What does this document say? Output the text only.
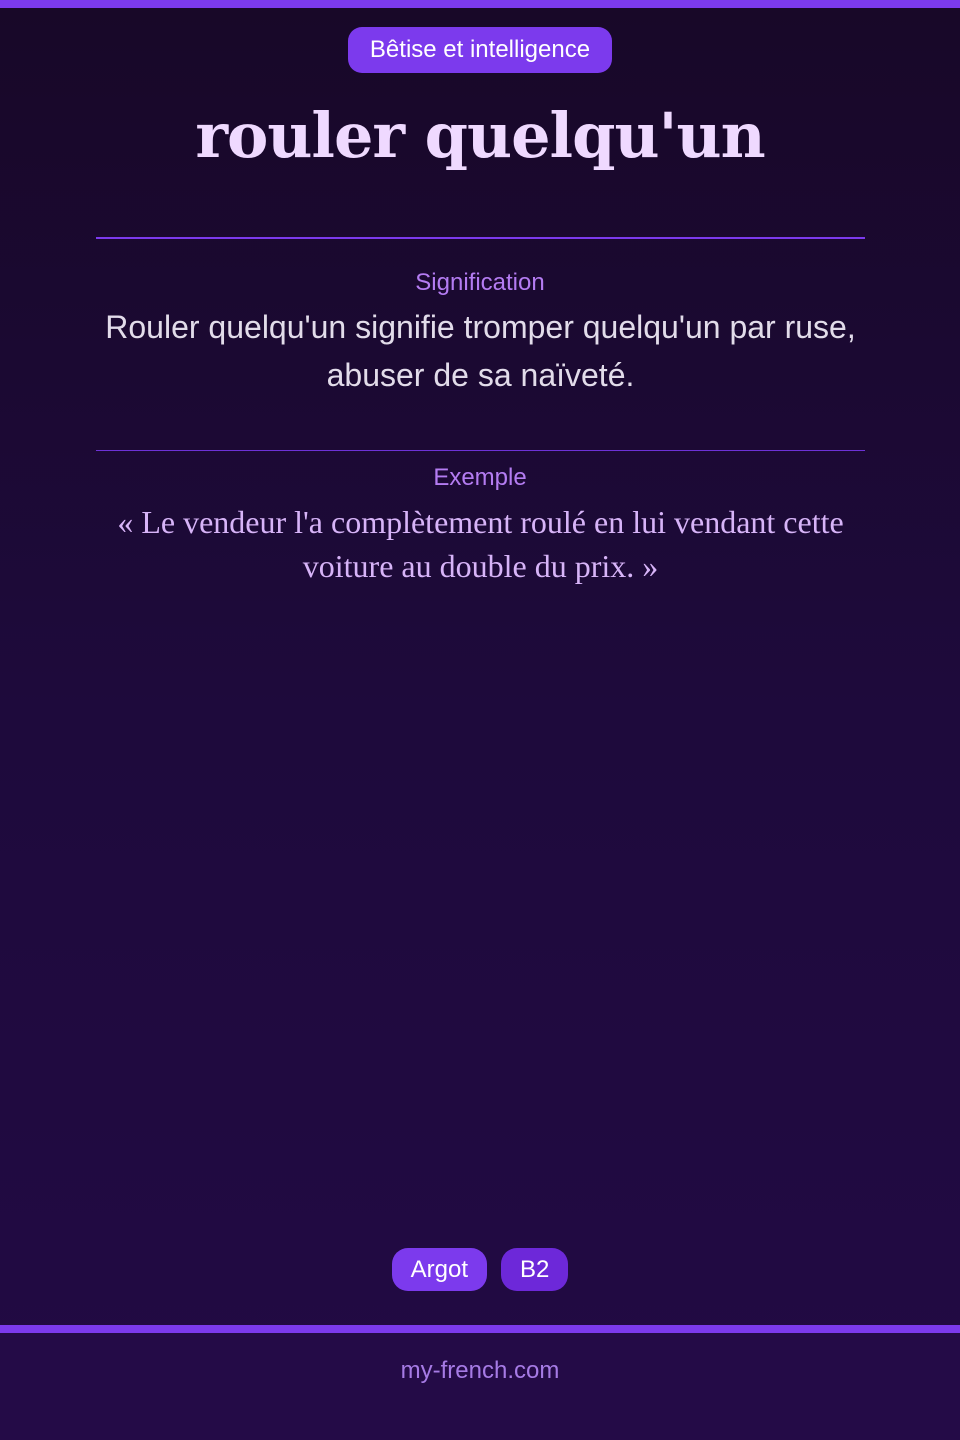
Bêtise et intelligence
rouler quelqu'un
Signification

Rouler quelqu'un signifie tromper quelqu'un par ruse, abuser de sa naïveté.

Exemple

« Le vendeur l'a complètement roulé en lui vendant cette voiture au double du prix. »

Argot	B2
my-french.com
